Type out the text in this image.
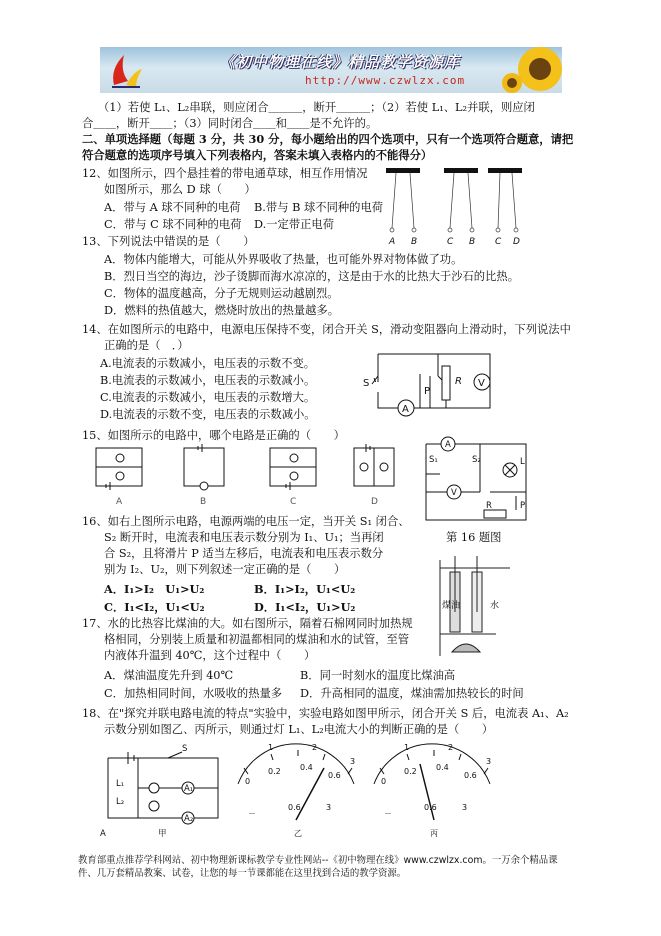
《初中物理在线》精品教学资源库
http://www.czwlzx.com
（1）若使 L₁、L₂串联，则应闭合＿＿＿，断开＿＿＿；（2）若使 L₁、L₂并联，则应闭
合＿＿，断开＿＿；（3）同时闭合＿＿和＿＿是不允许的。
二、单项选择题（每题 3 分，共 30 分，每小题给出的四个选项中，只有一个选项符合题意，请把
符合题意的选项序号填入下列表格内，答案未填入表格内的不能得分）
12、如图所示，四个悬挂着的带电通草球，相互作用情况
如图所示，那么 D 球（　　）
A．带与 A 球不同种的电荷 B.带与 B 球不同种的电荷
C．带与 C 球不同种的电荷 D.一定带正电荷
A B	C B C D
13、下列说法中错误的是（　　）
A．物体内能增大，可能从外界吸收了热量，也可能外界对物体做了功。
B．烈日当空的海边，沙子烫脚而海水凉凉的，这是由于水的比热大于沙石的比热。
C．物体的温度越高，分子无规则运动越剧烈。
D．燃料的热值越大，燃烧时放出的热量越多。
14、在如图所示的电路中，电源电压保持不变，闭合开关 S，滑动变阻器向上滑动时，下列说法中
正确的是（　．）
A.电流表的示数减小，电压表的示数不变。
B.电流表的示数减小，电压表的示数减小。
C.电流表的示数减小，电压表的示数增大。
D.电流表的示数不变，电压表的示数减小。
S
P
R V
A
15、如图所示的电路中，哪个电路是正确的（　　）
A	B	C	D
A
S₁	S₂	L
V
R	P
第 16 题图
16、如右上图所示电路，电源两端的电压一定，当开关 S₁ 闭合、
S₂ 断开时，电流表和电压表示数分别为 I₁、U₁；当再闭
合 S₂，且将滑片 P 适当左移后，电流表和电压表示数分
别为 I₂、U₂，则下列叙述一定正确的是（　　）
A．I₁>I₂　U₁>U₂	B．I₁>I₂，U₁<U₂
C．I₁<I₂，U₁<U₂	D．I₁<I₂，U₁>U₂	煤油	水
17、水的比热容比煤油的大。如右图所示，隔着石棉网同时加热规
格相同，分别装上质量和初温都相同的煤油和水的试管，至管
内液体升温到 40℃，这个过程中（　　）
A．煤油温度先升到 40℃	B．同一时刻水的温度比煤油高
C．加热相同时间，水吸收的热量多 D．升高相同的温度，煤油需加热较长的时间
18、在"探究并联电路电流的特点"实验中，实验电路如图甲所示，闭合开关 S 后，电流表 A₁、A₂
示数分别如图乙、丙所示，则通过灯 L₁、L₂电流大小的判断正确的是（　　）
S
L₁
L₂
A₁
A₂
A	甲
1	2
3
0
0.2 0.4
0.6
－
0.6	3
乙
1	2
3
0
0.2 0.4
0.6
－
0.6	3
丙
教育部重点推荐学科网站、初中物理新课标教学专业性网站--《初中物理在线》www.czwlzx.com。一万余个精品课
件、几万套精品教案、试卷，让您的每一节课都能在这里找到合适的教学资源。
